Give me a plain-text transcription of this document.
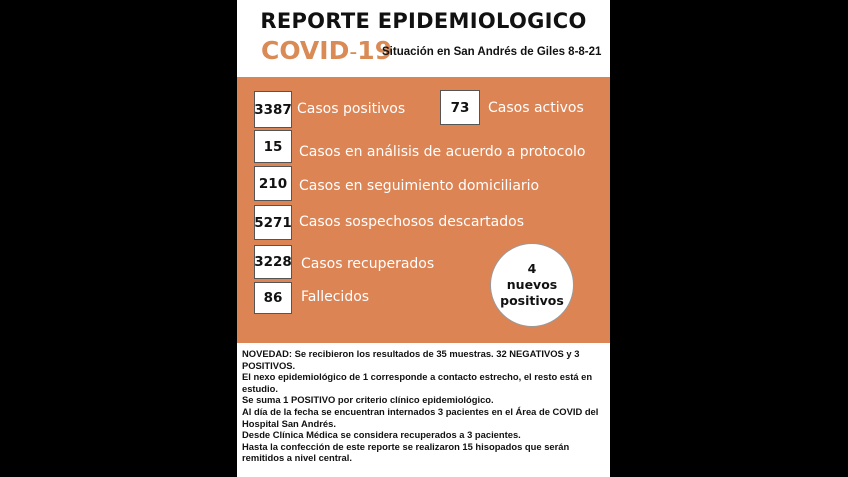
REPORTE EPIDEMIOLOGICO
COVID-19
Situación en San Andrés de Giles 8-8-21
3387 Casos positivos	73	Casos activos
15	Casos en análisis de acuerdo a protocolo
210 Casos en seguimiento domiciliario
5271 Casos sospechosos descartados
3228 Casos recuperados
86	Fallecidos
4
nuevos
positivos

NOVEDAD: Se recibieron los resultados de 35 muestras. 32 NEGATIVOS y 3 POSITIVOS.

El nexo epidemiológico de 1 corresponde a contacto estrecho, el resto está en estudio.

Se suma 1 POSITIVO por criterio clínico epidemiológico.

Al día de la fecha se encuentran internados 3 pacientes en el Área de COVID del Hospital San Andrés.

Desde Clínica Médica se considera recuperados a 3 pacientes.

Hasta la confección de este reporte se realizaron 15 hisopados que serán remitidos a nivel central.
